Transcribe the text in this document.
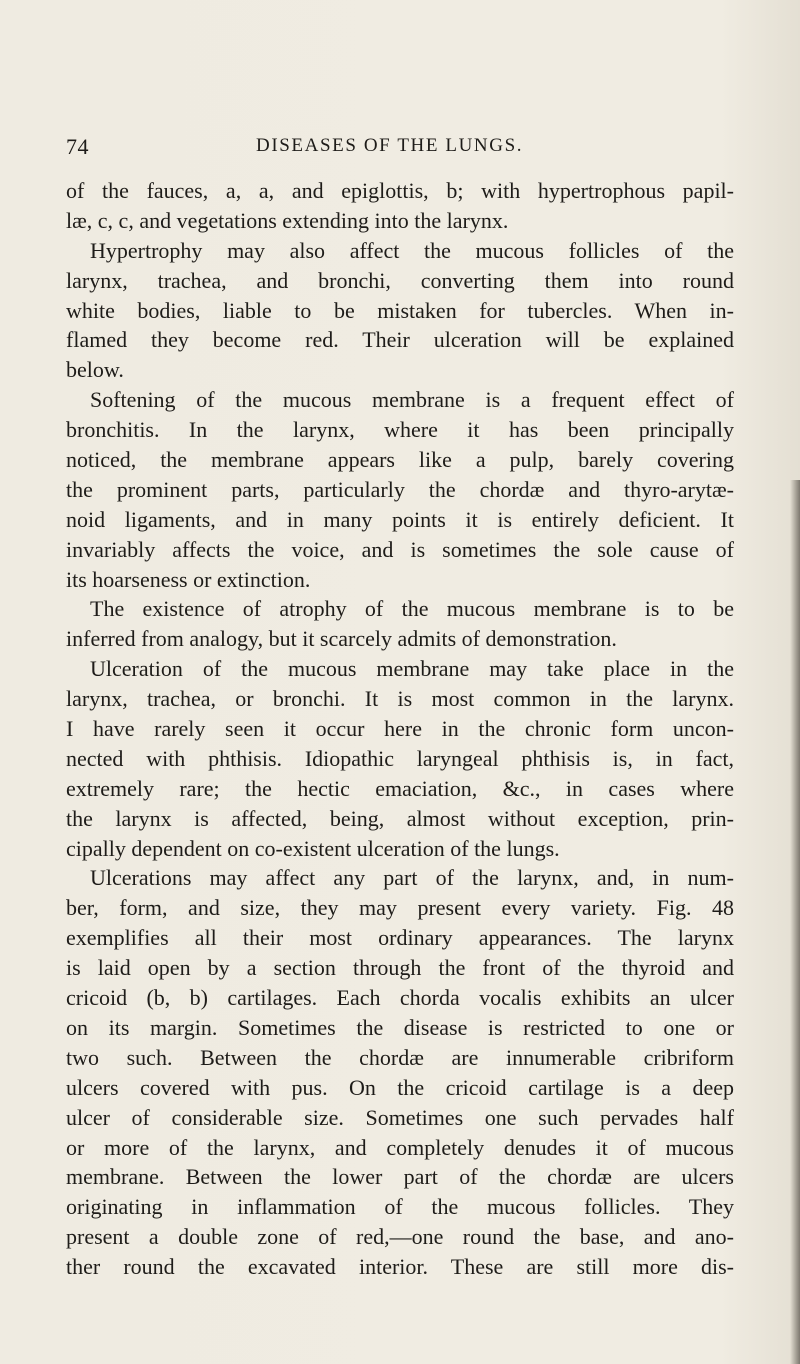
74	DISEASES OF THE LUNGS.
of the fauces, a, a, and epiglottis, b; with hypertrophous papil-
læ, c, c, and vegetations extending into the larynx.
Hypertrophy may also affect the mucous follicles of the
larynx, trachea, and bronchi, converting them into round
white bodies, liable to be mistaken for tubercles. When in-
flamed they become red. Their ulceration will be explained
below.
Softening of the mucous membrane is a frequent effect of
bronchitis. In the larynx, where it has been principally
noticed, the membrane appears like a pulp, barely covering
the prominent parts, particularly the chordæ and thyro-arytæ-
noid ligaments, and in many points it is entirely deficient. It
invariably affects the voice, and is sometimes the sole cause of
its hoarseness or extinction.
The existence of atrophy of the mucous membrane is to be
inferred from analogy, but it scarcely admits of demonstration.
Ulceration of the mucous membrane may take place in the
larynx, trachea, or bronchi. It is most common in the larynx.
I have rarely seen it occur here in the chronic form uncon-
nected with phthisis. Idiopathic laryngeal phthisis is, in fact,
extremely rare; the hectic emaciation, &c., in cases where
the larynx is affected, being, almost without exception, prin-
cipally dependent on co-existent ulceration of the lungs.
Ulcerations may affect any part of the larynx, and, in num-
ber, form, and size, they may present every variety. Fig. 48
exemplifies all their most ordinary appearances. The larynx
is laid open by a section through the front of the thyroid and
cricoid (b, b) cartilages. Each chorda vocalis exhibits an ulcer
on its margin. Sometimes the disease is restricted to one or
two such. Between the chordæ are innumerable cribriform
ulcers covered with pus. On the cricoid cartilage is a deep
ulcer of considerable size. Sometimes one such pervades half
or more of the larynx, and completely denudes it of mucous
membrane. Between the lower part of the chordæ are ulcers
originating in inflammation of the mucous follicles. They
present a double zone of red,—one round the base, and ano-
ther round the excavated interior. These are still more dis-
